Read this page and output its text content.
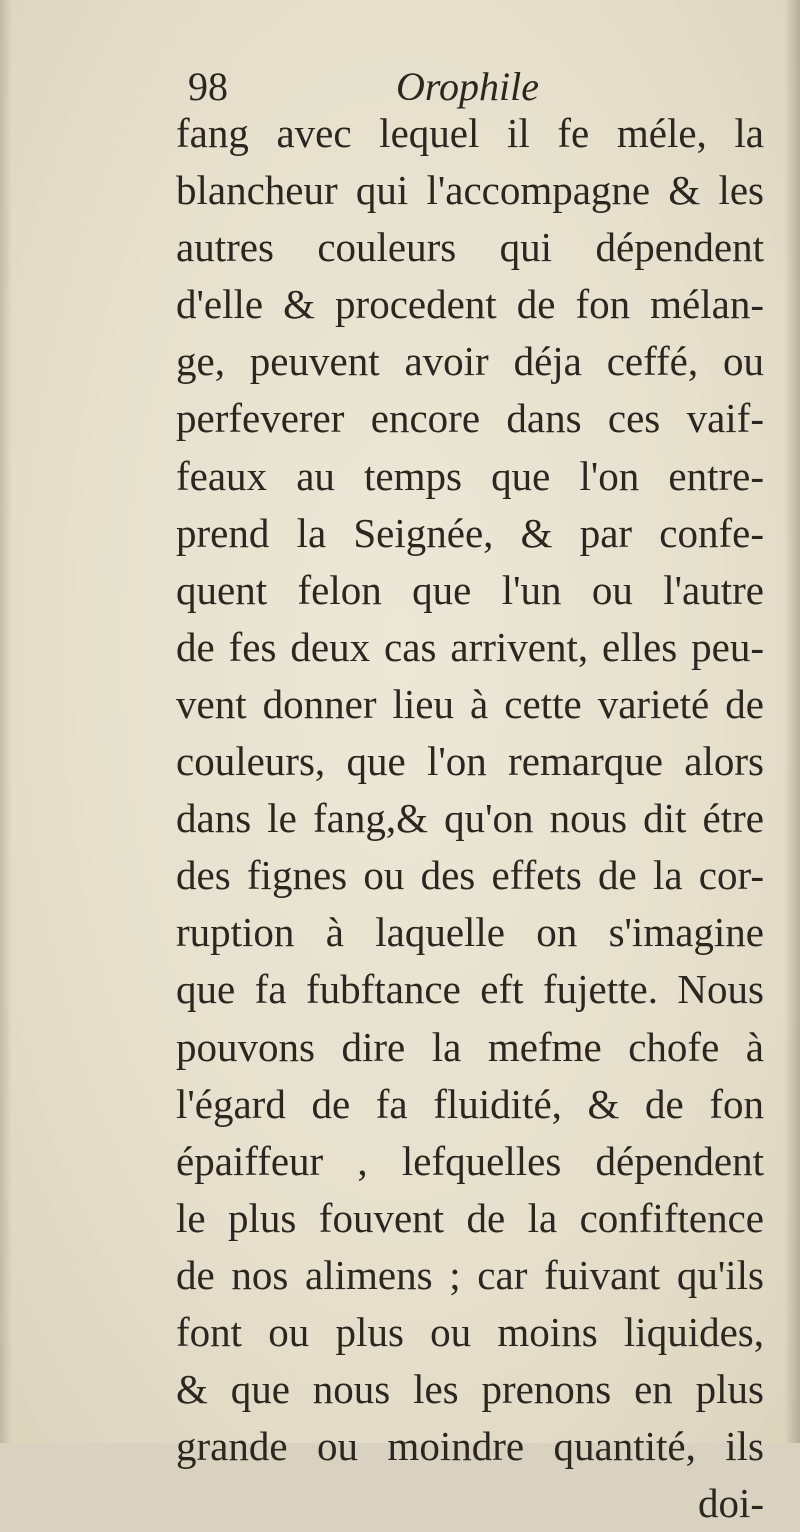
98	Orophile
fang avec lequel il fe méle, la
blancheur qui l'accompagne & les
autres couleurs qui dépendent
d'elle & procedent de fon mélan-
ge, peuvent avoir déja ceffé, ou
perfeverer encore dans ces vaif-
feaux au temps que l'on entre-
prend la Seignée, & par confe-
quent felon que l'un ou l'autre
de fes deux cas arrivent, elles peu-
vent donner lieu à cette varieté de
couleurs, que l'on remarque alors
dans le fang,& qu'on nous dit étre
des fignes ou des effets de la cor-
ruption à laquelle on s'imagine
que fa fubftance eft fujette. Nous
pouvons dire la mefme chofe à
l'égard de fa fluidité, & de fon
épaiffeur , lefquelles dépendent
le plus fouvent de la confiftence
de nos alimens ; car fuivant qu'ils
font ou plus ou moins liquides,
& que nous les prenons en plus
grande ou moindre quantité, ils
doi-
